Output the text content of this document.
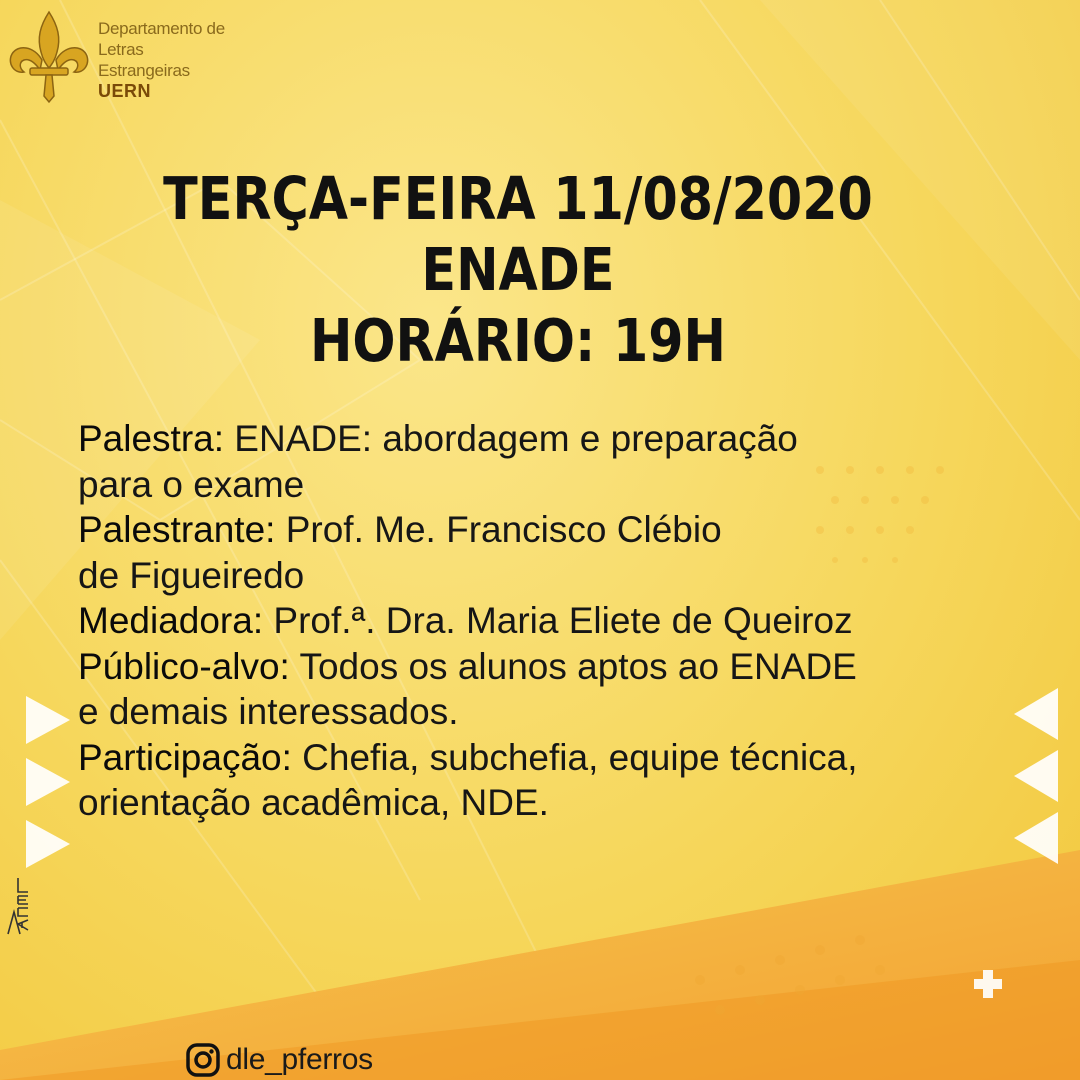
Departamento de
Letras
Estrangeiras
UERN
TERÇA-FEIRA 11/08/2020
ENADE
HORÁRIO: 19H
Palestra: ENADE: abordagem e preparação
para o exame
Palestrante: Prof. Me. Francisco Clébio
de Figueiredo
Mediadora: Prof.ª. Dra. Maria Eliete de Queiroz
Público-alvo: Todos os alunos aptos ao ENADE
e demais interessados.
Participação: Chefia, subchefia, equipe técnica,
orientação acadêmica, NDE.
dle_pferros
